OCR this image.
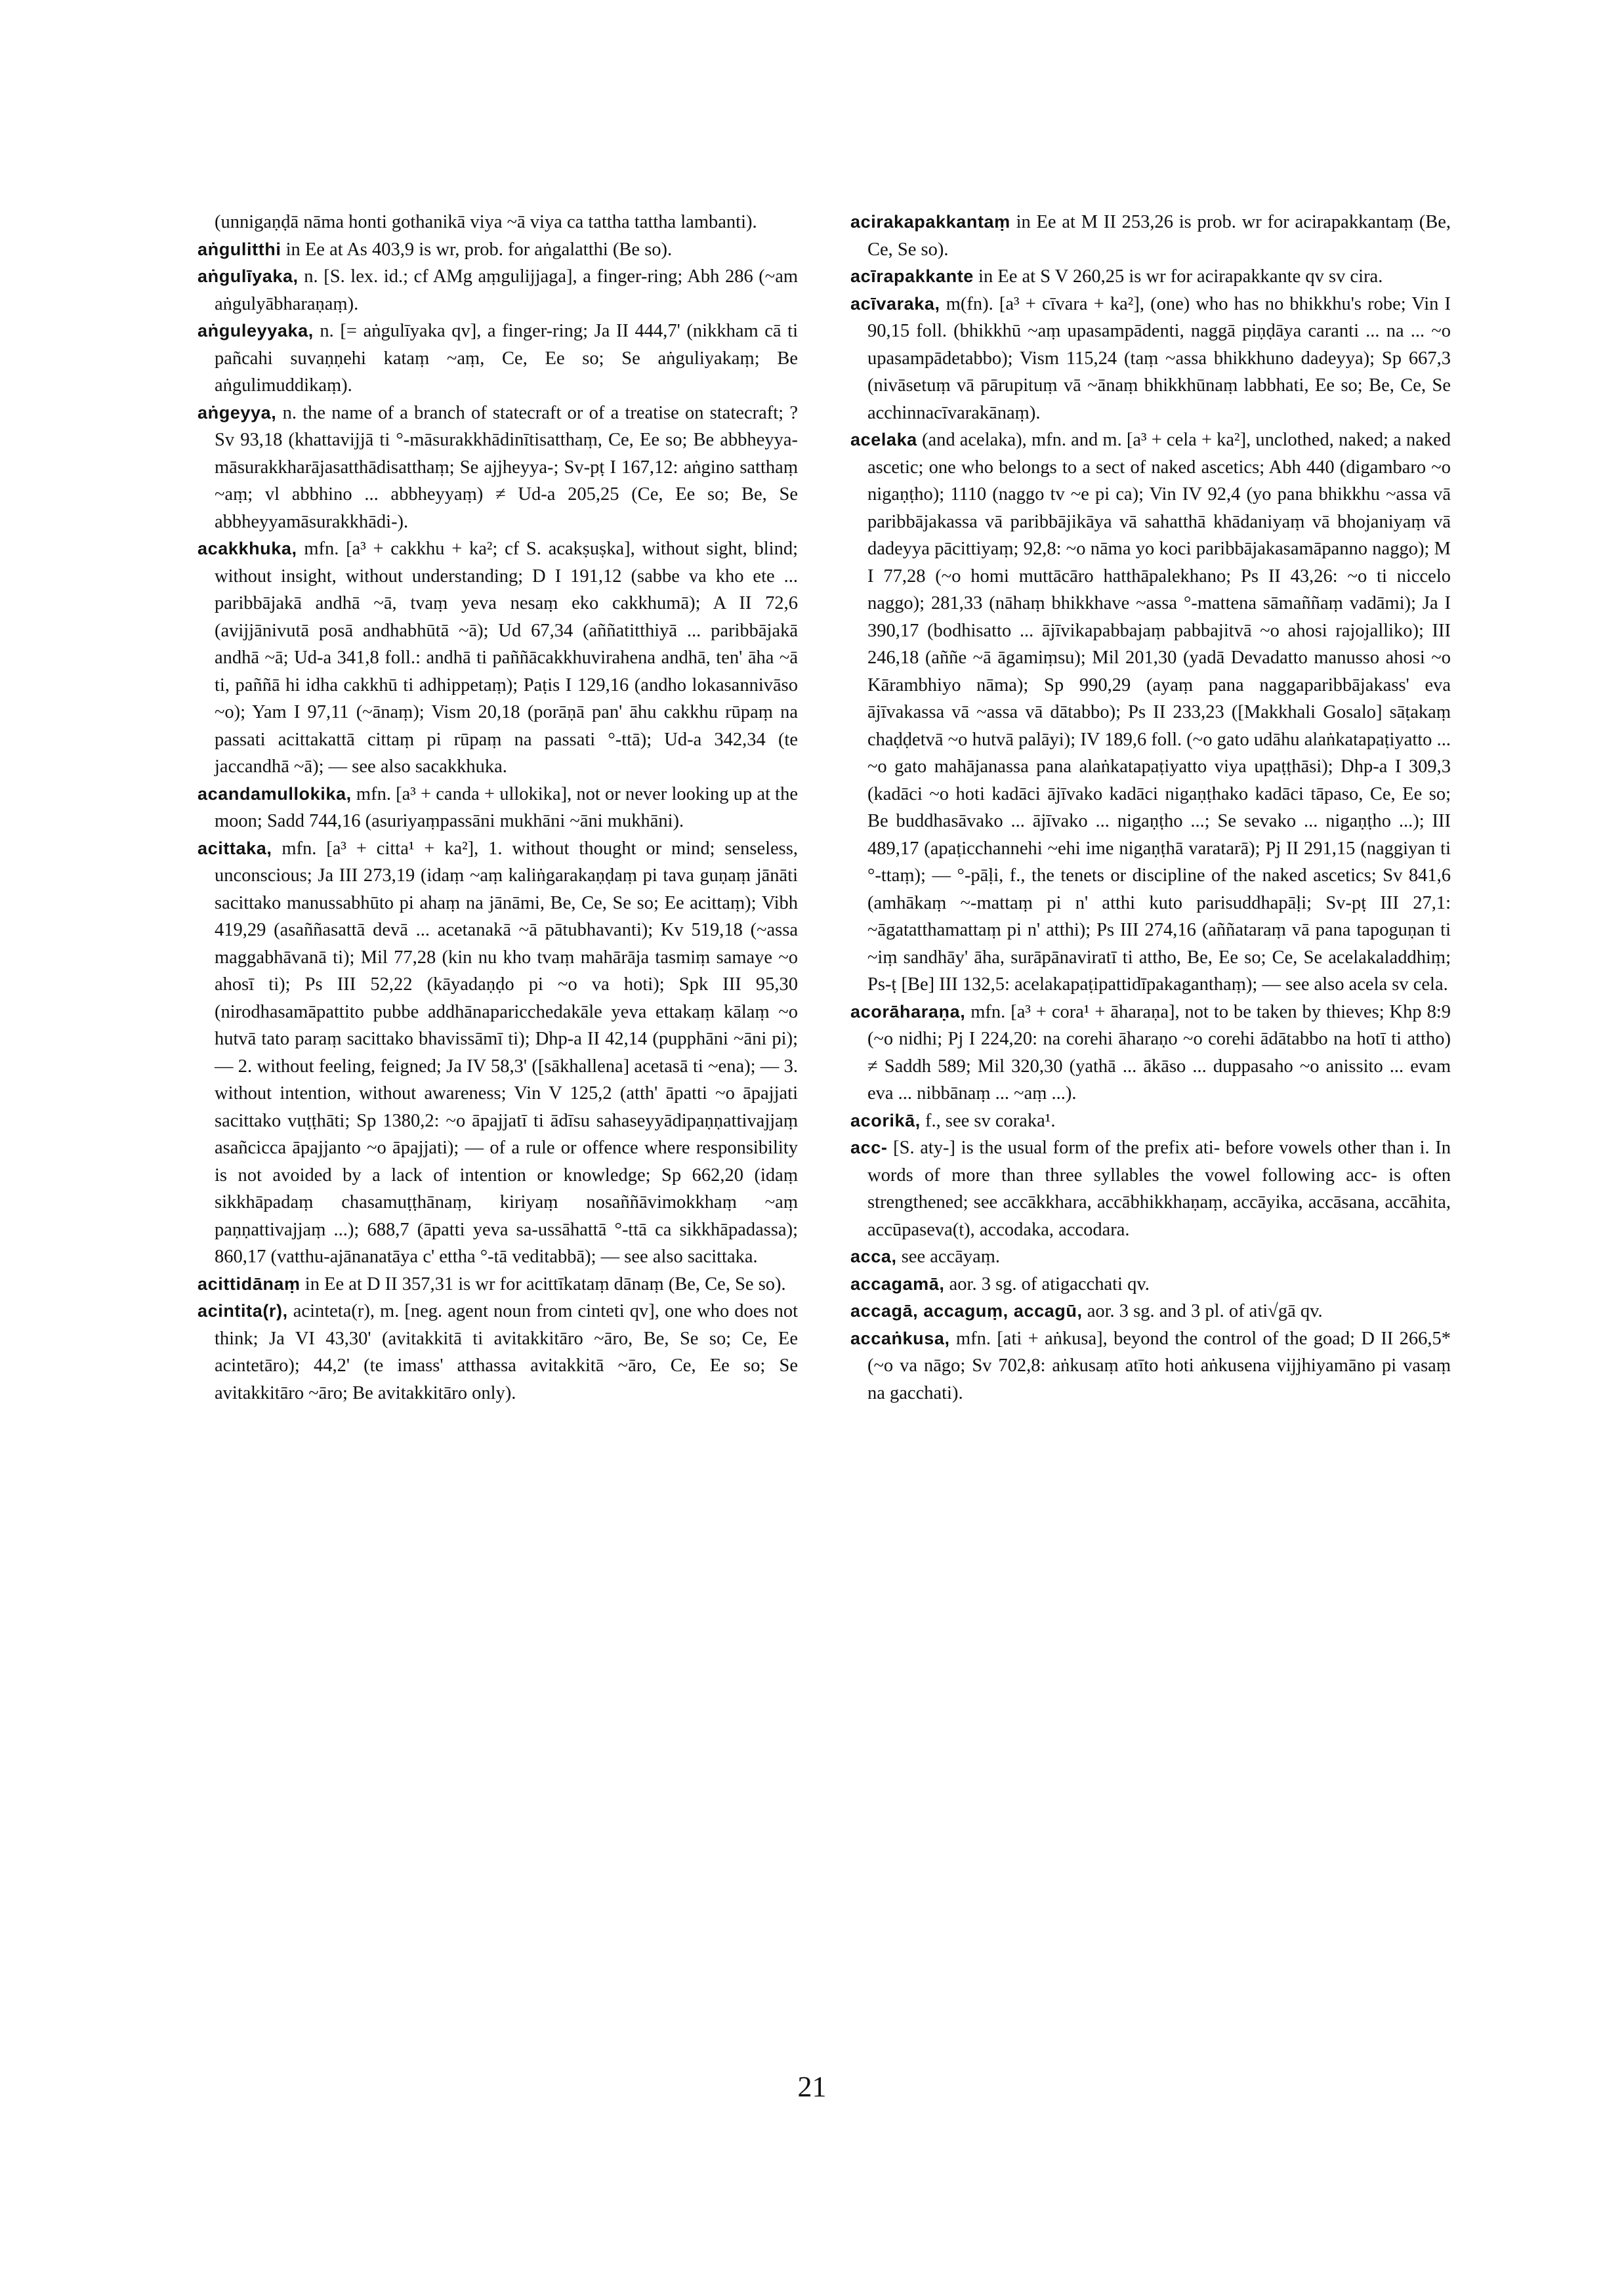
(unnigaṇḍā nāma honti gothanikā viya ~ā viya ca tattha tattha lambanti).

aṅgulitthi in Ee at As 403,9 is wr, prob. for aṅgalatthi (Be so).

aṅgulīyaka, n. [S. lex. id.; cf AMg aṃgulijjaga], a finger-ring; Abh 286 (~am aṅgulyābharaṇaṃ).

aṅguleyyaka, n. [= aṅgulīyaka qv], a finger-ring; Ja II 444,7' (nikkham cā ti pañcahi suvaṇṇehi kataṃ ~aṃ, Ce, Ee so; Se aṅguliyakaṃ; Be aṅgulimuddikaṃ).

aṅgeyya, n. the name of a branch of statecraft or of a treatise on statecraft; ? Sv 93,18 (khattavijjā ti °-māsurakkhādinītisatthaṃ, Ce, Ee so; Be abbheyya-māsurakkharājasatthādisatthaṃ; Se ajjheyya-; Sv-pṭ I 167,12: aṅgino satthaṃ ~aṃ; vl abbhino ... abbheyyaṃ) ≠ Ud-a 205,25 (Ce, Ee so; Be, Se abbheyyamāsurakkhādi-).

acakkhuka, mfn. [a³ + cakkhu + ka²; cf S. acakṣuṣka], without sight, blind; without insight, without understanding; D I 191,12 (sabbe va kho ete ... paribbājakā andhā ~ā, tvaṃ yeva nesaṃ eko cakkhumā); A II 72,6 (avijjānivutā posā andhabhūtā ~ā); Ud 67,34 (aññatitthiyā ... paribbājakā andhā ~ā; Ud-a 341,8 foll.: andhā ti paññācakkhuvirahena andhā, ten' āha ~ā ti, paññā hi idha cakkhū ti adhippetaṃ); Paṭis I 129,16 (andho lokasannivāso ~o); Yam I 97,11 (~ānaṃ); Vism 20,18 (porāṇā pan' āhu cakkhu rūpaṃ na passati acittakattā cittaṃ pi rūpaṃ na passati °-ttā); Ud-a 342,34 (te jaccandhā ~ā); — see also sacakkhuka.

acandamullokika, mfn. [a³ + canda + ullokika], not or never looking up at the moon; Sadd 744,16 (asuriyaṃpassāni mukhāni ~āni mukhāni).

acittaka, mfn. [a³ + citta¹ + ka²], 1. without thought or mind; senseless, unconscious; Ja III 273,19 (idaṃ ~aṃ kaliṅgarakaṇḍaṃ pi tava guṇaṃ jānāti sacittako manussabhūto pi ahaṃ na jānāmi, Be, Ce, Se so; Ee acittaṃ); Vibh 419,29 (asaññasattā devā ... acetanakā ~ā pātubhavanti); Kv 519,18 (~assa maggabhāvanā ti); Mil 77,28 (kin nu kho tvaṃ mahārāja tasmiṃ samaye ~o ahosī ti); Ps III 52,22 (kāyadaṇḍo pi ~o va hoti); Spk III 95,30 (nirodhasamāpattito pubbe addhānaparicchedakāle yeva ettakaṃ kālaṃ ~o hutvā tato paraṃ sacittako bhavissāmī ti); Dhp-a II 42,14 (pupphāni ~āni pi); — 2. without feeling, feigned; Ja IV 58,3' ([sākhallena] acetasā ti ~ena); — 3. without intention, without awareness; Vin V 125,2 (atth' āpatti ~o āpajjati sacittako vuṭṭhāti; Sp 1380,2: ~o āpajjatī ti ādīsu sahaseyyādipaṇṇattivajjaṃ asañcicca āpajjanto ~o āpajjati); — of a rule or offence where responsibility is not avoided by a lack of intention or knowledge; Sp 662,20 (idaṃ sikkhāpadaṃ chasamuṭṭhānaṃ, kiriyaṃ nosaññāvimokkhaṃ ~aṃ paṇṇattivajjaṃ ...); 688,7 (āpatti yeva sa-ussāhattā °-ttā ca sikkhāpadassa); 860,17 (vatthu-ajānanatāya c' ettha °-tā veditabbā); — see also sacittaka.

acittidānaṃ in Ee at D II 357,31 is wr for acittīkataṃ dānaṃ (Be, Ce, Se so).

acintita(r), acinteta(r), m. [neg. agent noun from cinteti qv], one who does not think; Ja VI 43,30' (avitakkitā ti avitakkitāro ~āro, Be, Se so; Ce, Ee acintetāro); 44,2' (te imass' atthassa avitakkitā ~āro, Ce, Ee so; Se avitakkitāro ~āro; Be avitakkitāro only).

acirakapakkantaṃ in Ee at M II 253,26 is prob. wr for acirapakkantaṃ (Be, Ce, Se so).

acīrapakkante in Ee at S V 260,25 is wr for acirapakkante qv sv cira.

acīvaraka, m(fn). [a³ + cīvara + ka²], (one) who has no bhikkhu's robe; Vin I 90,15 foll. (bhikkhū ~aṃ upasampādenti, naggā piṇḍāya caranti ... na ... ~o upasampādetabbo); Vism 115,24 (taṃ ~assa bhikkhuno dadeyya); Sp 667,3 (nivāsetuṃ vā pārupituṃ vā ~ānaṃ bhikkhūnaṃ labbhati, Ee so; Be, Ce, Se acchinnacīvarakānaṃ).

acelaka (and acelaka), mfn. and m. [a³ + cela + ka²], unclothed, naked; a naked ascetic; one who belongs to a sect of naked ascetics; Abh 440 (digambaro ~o nigaṇṭho); 1110 (naggo tv ~e pi ca); Vin IV 92,4 (yo pana bhikkhu ~assa vā paribbājakassa vā paribbājikāya vā sahatthā khādaniyaṃ vā bhojaniyaṃ vā dadeyya pācittiyaṃ; 92,8: ~o nāma yo koci paribbājakasamāpanno naggo); M I 77,28 (~o homi muttācāro hatthāpalekhano; Ps II 43,26: ~o ti niccelo naggo); 281,33 (nāhaṃ bhikkhave ~assa °-mattena sāmaññaṃ vadāmi); Ja I 390,17 (bodhisatto ... ājīvikapabbajaṃ pabbajitvā ~o ahosi rajojalliko); III 246,18 (aññe ~ā āgamiṃsu); Mil 201,30 (yadā Devadatto manusso ahosi ~o Kārambhiyo nāma); Sp 990,29 (ayaṃ pana naggaparibbājakass' eva ājīvakassa vā ~assa vā dātabbo); Ps II 233,23 ([Makkhali Gosalo] sāṭakaṃ chaḍḍetvā ~o hutvā palāyi); IV 189,6 foll. (~o gato udāhu alaṅkatapaṭiyatto ... ~o gato mahājanassa pana alaṅkatapaṭiyatto viya upaṭṭhāsi); Dhp-a I 309,3 (kadāci ~o hoti kadāci ājīvako kadāci nigaṇṭhako kadāci tāpaso, Ce, Ee so; Be buddhasāvako ... ājīvako ... nigaṇṭho ...; Se sevako ... nigaṇṭho ...); III 489,17 (apaṭicchannehi ~ehi ime nigaṇṭhā varatarā); Pj II 291,15 (naggiyan ti °-ttaṃ); — °-pāḷi, f., the tenets or discipline of the naked ascetics; Sv 841,6 (amhākaṃ ~-mattaṃ pi n' atthi kuto parisuddhapāḷi; Sv-pṭ III 27,1: ~āgatatthamattaṃ pi n' atthi); Ps III 274,16 (aññataraṃ vā pana tapoguṇan ti ~iṃ sandhāy' āha, surāpānaviratī ti attho, Be, Ee so; Ce, Se acelakaladdhiṃ; Ps-ṭ [Be] III 132,5: acelakapaṭipattidīpakaganthaṃ); — see also acela sv cela.

acorāharaṇa, mfn. [a³ + cora¹ + āharaṇa], not to be taken by thieves; Khp 8:9 (~o nidhi; Pj I 224,20: na corehi āharaṇo ~o corehi ādātabbo na hotī ti attho) ≠ Saddh 589; Mil 320,30 (yathā ... ākāso ... duppasaho ~o anissito ... evam eva ... nibbānaṃ ... ~aṃ ...).

acorikā, f., see sv coraka¹.

acc- [S. aty-] is the usual form of the prefix ati- before vowels other than i. In words of more than three syllables the vowel following acc- is often strengthened; see accākkhara, accābhikkhaṇaṃ, accāyika, accāsana, accāhita, accūpaseva(t), accodaka, accodara.

acca, see accāyaṃ.

accagamā, aor. 3 sg. of atigacchati qv.

accagā, accaguṃ, accagū, aor. 3 sg. and 3 pl. of ati√gā qv.

accaṅkusa, mfn. [ati + aṅkusa], beyond the control of the goad; D II 266,5* (~o va nāgo; Sv 702,8: aṅkusaṃ atīto hoti aṅkusena vijjhiyamāno pi vasaṃ na gacchati).

21
